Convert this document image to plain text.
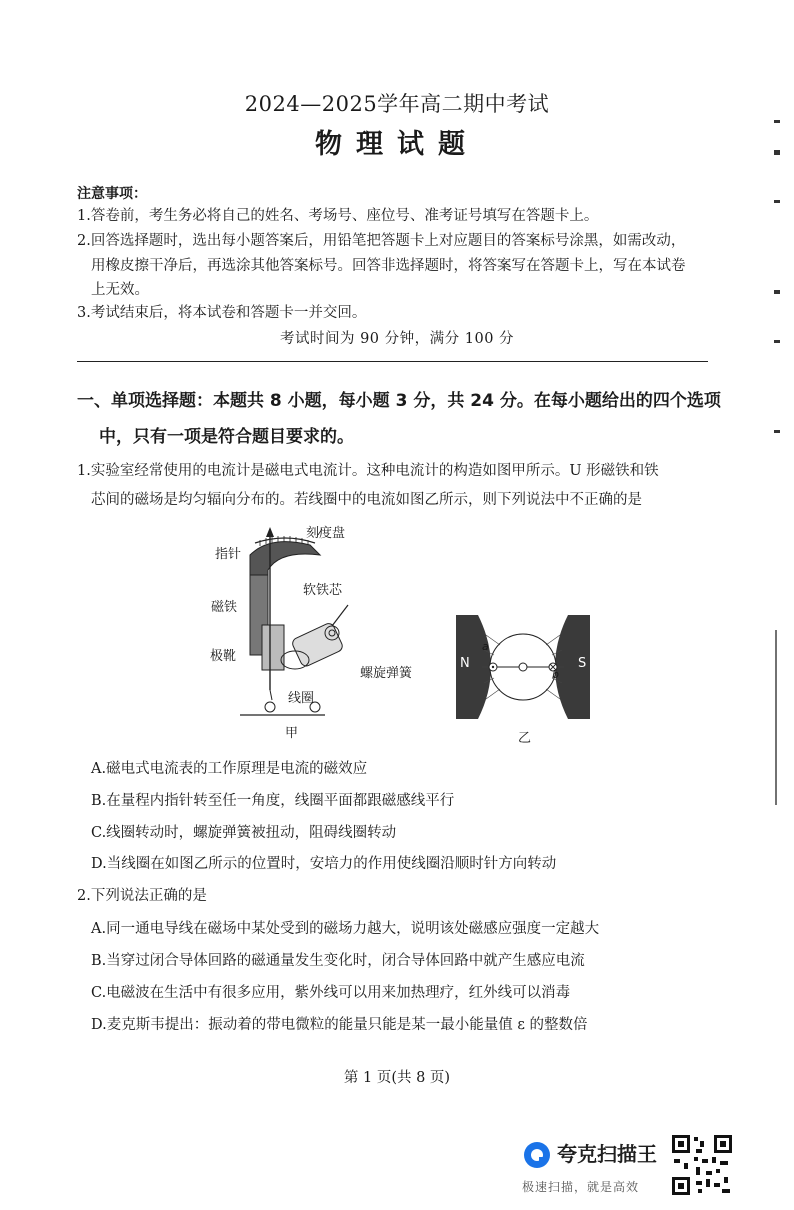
2024—2025学年高二期中考试
物理试题
注意事项：
1.答卷前，考生务必将自己的姓名、考场号、座位号、准考证号填写在答题卡上。
2.回答选择题时，选出每小题答案后，用铅笔把答题卡上对应题目的答案标号涂黑，如需改动，
用橡皮擦干净后，再选涂其他答案标号。回答非选择题时，将答案写在答题卡上，写在本试卷
上无效。
3.考试结束后，将本试卷和答题卡一并交回。
考试时间为 90 分钟，满分 100 分
一、单项选择题：本题共 8 小题，每小题 3 分，共 24 分。在每小题给出的四个选项
中，只有一项是符合题目要求的。
1.实验室经常使用的电流计是磁电式电流计。这种电流计的构造如图甲所示。U 形磁铁和铁
芯间的磁场是均匀辐向分布的。若线圈中的电流如图乙所示，则下列说法中不正确的是
刻度盘
指针
软铁芯
磁铁
极靴
螺旋弹簧
线圈
甲
N	S
a
b
乙
A.磁电式电流表的工作原理是电流的磁效应
B.在量程内指针转至任一角度，线圈平面都跟磁感线平行
C.线圈转动时，螺旋弹簧被扭动，阻碍线圈转动
D.当线圈在如图乙所示的位置时，安培力的作用使线圈沿顺时针方向转动
2.下列说法正确的是
A.同一通电导线在磁场中某处受到的磁场力越大，说明该处磁感应强度一定越大
B.当穿过闭合导体回路的磁通量发生变化时，闭合导体回路中就产生感应电流
C.电磁波在生活中有很多应用，紫外线可以用来加热理疗，红外线可以消毒
D.麦克斯韦提出：振动着的带电微粒的能量只能是某一最小能量值 ε 的整数倍
第 1 页(共 8 页)
夸克扫描王
极速扫描，就是高效
